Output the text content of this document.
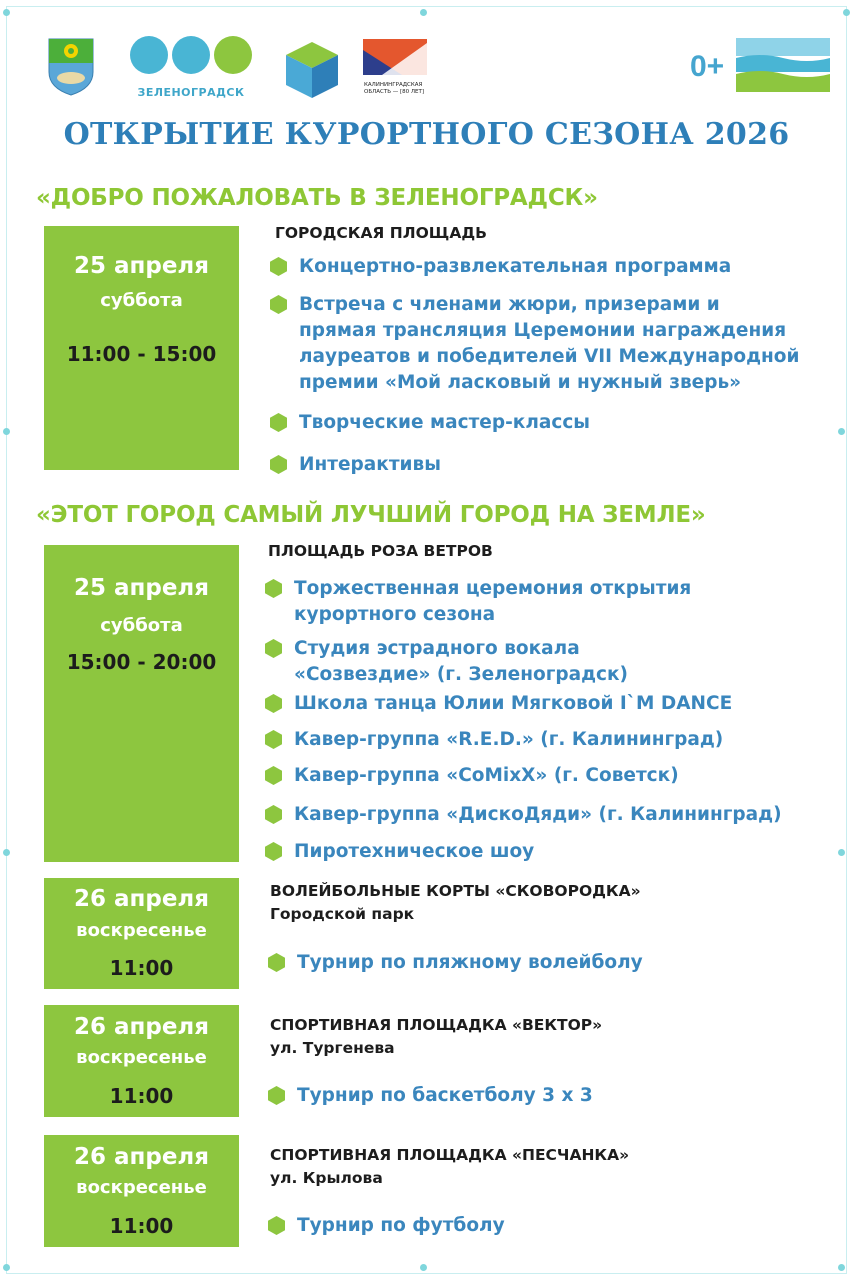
ЗЕЛЕНОГРАДСК
КАЛИНИНГРАДСКАЯ ОБЛАСТЬ — [80 ЛЕТ]
0+
ОТКРЫТИЕ КУРОРТНОГО СЕЗОНА 2026
«ДОБРО ПОЖАЛОВАТЬ В ЗЕЛЕНОГРАДСК»
25 апреля
суббота
11:00 - 15:00
ГОРОДСКАЯ ПЛОЩАДЬ
Концертно-развлекательная программа
Встреча с членами жюри, призерами и
прямая трансляция Церемонии награждения
лауреатов и победителей VII Международной
премии «Мой ласковый и нужный зверь»
Творческие мастер-классы
Интерактивы
«ЭТОТ ГОРОД САМЫЙ ЛУЧШИЙ ГОРОД НА ЗЕМЛЕ»
25 апреля
суббота
15:00 - 20:00
ПЛОЩАДЬ РОЗА ВЕТРОВ
Торжественная церемония открытия
курортного сезона
Студия эстрадного вокала
«Созвездие» (г. Зеленоградск)
Школа танца Юлии Мягковой I`M DANCE
Кавер-группа «R.E.D.» (г. Калининград)
Кавер-группа «CoMixX» (г. Советск)
Кавер-группа «ДискоДяди» (г. Калининград)
Пиротехническое шоу
26 апреля
воскресенье
11:00
ВОЛЕЙБОЛЬНЫЕ КОРТЫ «СКОВОРОДКА»
Городской парк
Турнир по пляжному волейболу
26 апреля
воскресенье
11:00
СПОРТИВНАЯ ПЛОЩАДКА «ВЕКТОР»
ул. Тургенева
Турнир по баскетболу 3 х 3
26 апреля
воскресенье
11:00
СПОРТИВНАЯ ПЛОЩАДКА «ПЕСЧАНКА»
ул. Крылова
Турнир по футболу
